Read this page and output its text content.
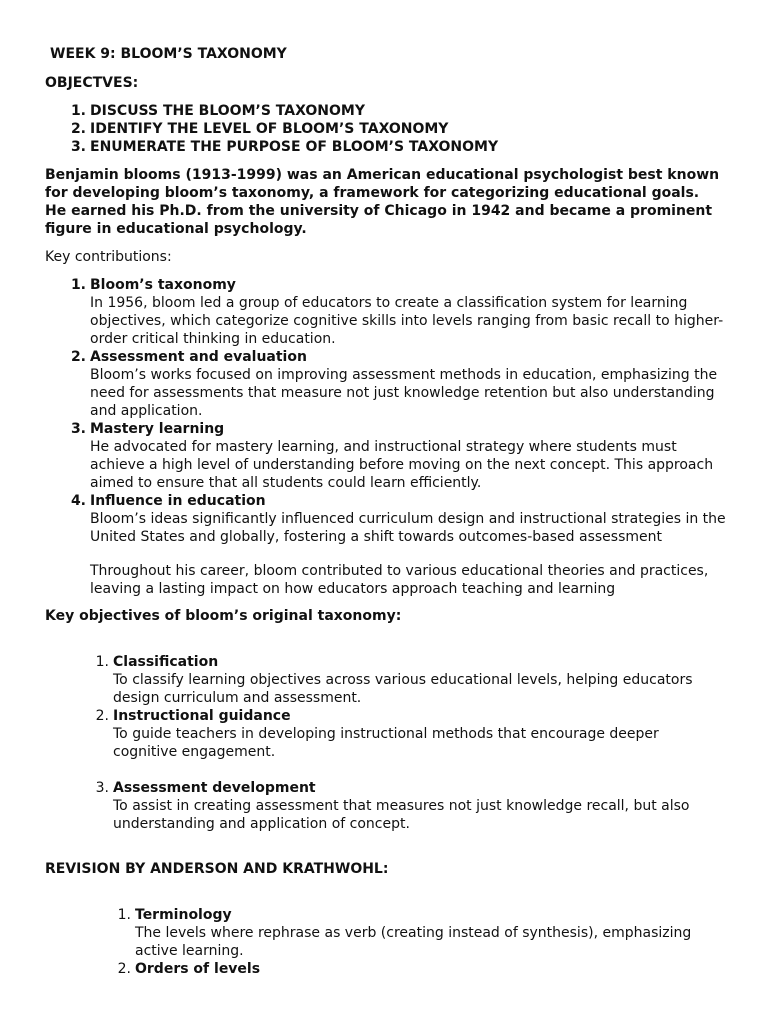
WEEK 9: BLOOM’S TAXONOMY
OBJECTVES:
1. DISCUSS THE BLOOM’S TAXONOMY
2. IDENTIFY THE LEVEL OF BLOOM’S TAXONOMY
3. ENUMERATE THE PURPOSE OF BLOOM’S TAXONOMY

Benjamin blooms (1913-1999) was an American educational psychologist best known for developing bloom’s taxonomy, a framework for categorizing educational goals. He earned his Ph.D. from the university of Chicago in 1942 and became a prominent figure in educational psychology.

Key contributions:
1. Bloom’s taxonomy
In 1956, bloom led a group of educators to create a classification system for learning objectives, which categorize cognitive skills into levels ranging from basic recall to higher-order critical thinking in education.
2. Assessment and evaluation
Bloom’s works focused on improving assessment methods in education, emphasizing the need for assessments that measure not just knowledge retention but also understanding and application.
3. Mastery learning
He advocated for mastery learning, and instructional strategy where students must achieve a high level of understanding before moving on the next concept. This approach aimed to ensure that all students could learn efficiently.
4. Influence in education
Bloom’s ideas significantly influenced curriculum design and instructional strategies in the United States and globally, fostering a shift towards outcomes-based assessment

Throughout his career, bloom contributed to various educational theories and practices, leaving a lasting impact on how educators approach teaching and learning

Key objectives of bloom’s original taxonomy:
1. Classification
To classify learning objectives across various educational levels, helping educators design curriculum and assessment.
2. Instructional guidance
To guide teachers in developing instructional methods that encourage deeper cognitive engagement.
3. Assessment development
To assist in creating assessment that measures not just knowledge recall, but also understanding and application of concept.
REVISION BY ANDERSON AND KRATHWOHL:
1. Terminology
The levels where rephrase as verb (creating instead of synthesis), emphasizing active learning.
2. Orders of levels
